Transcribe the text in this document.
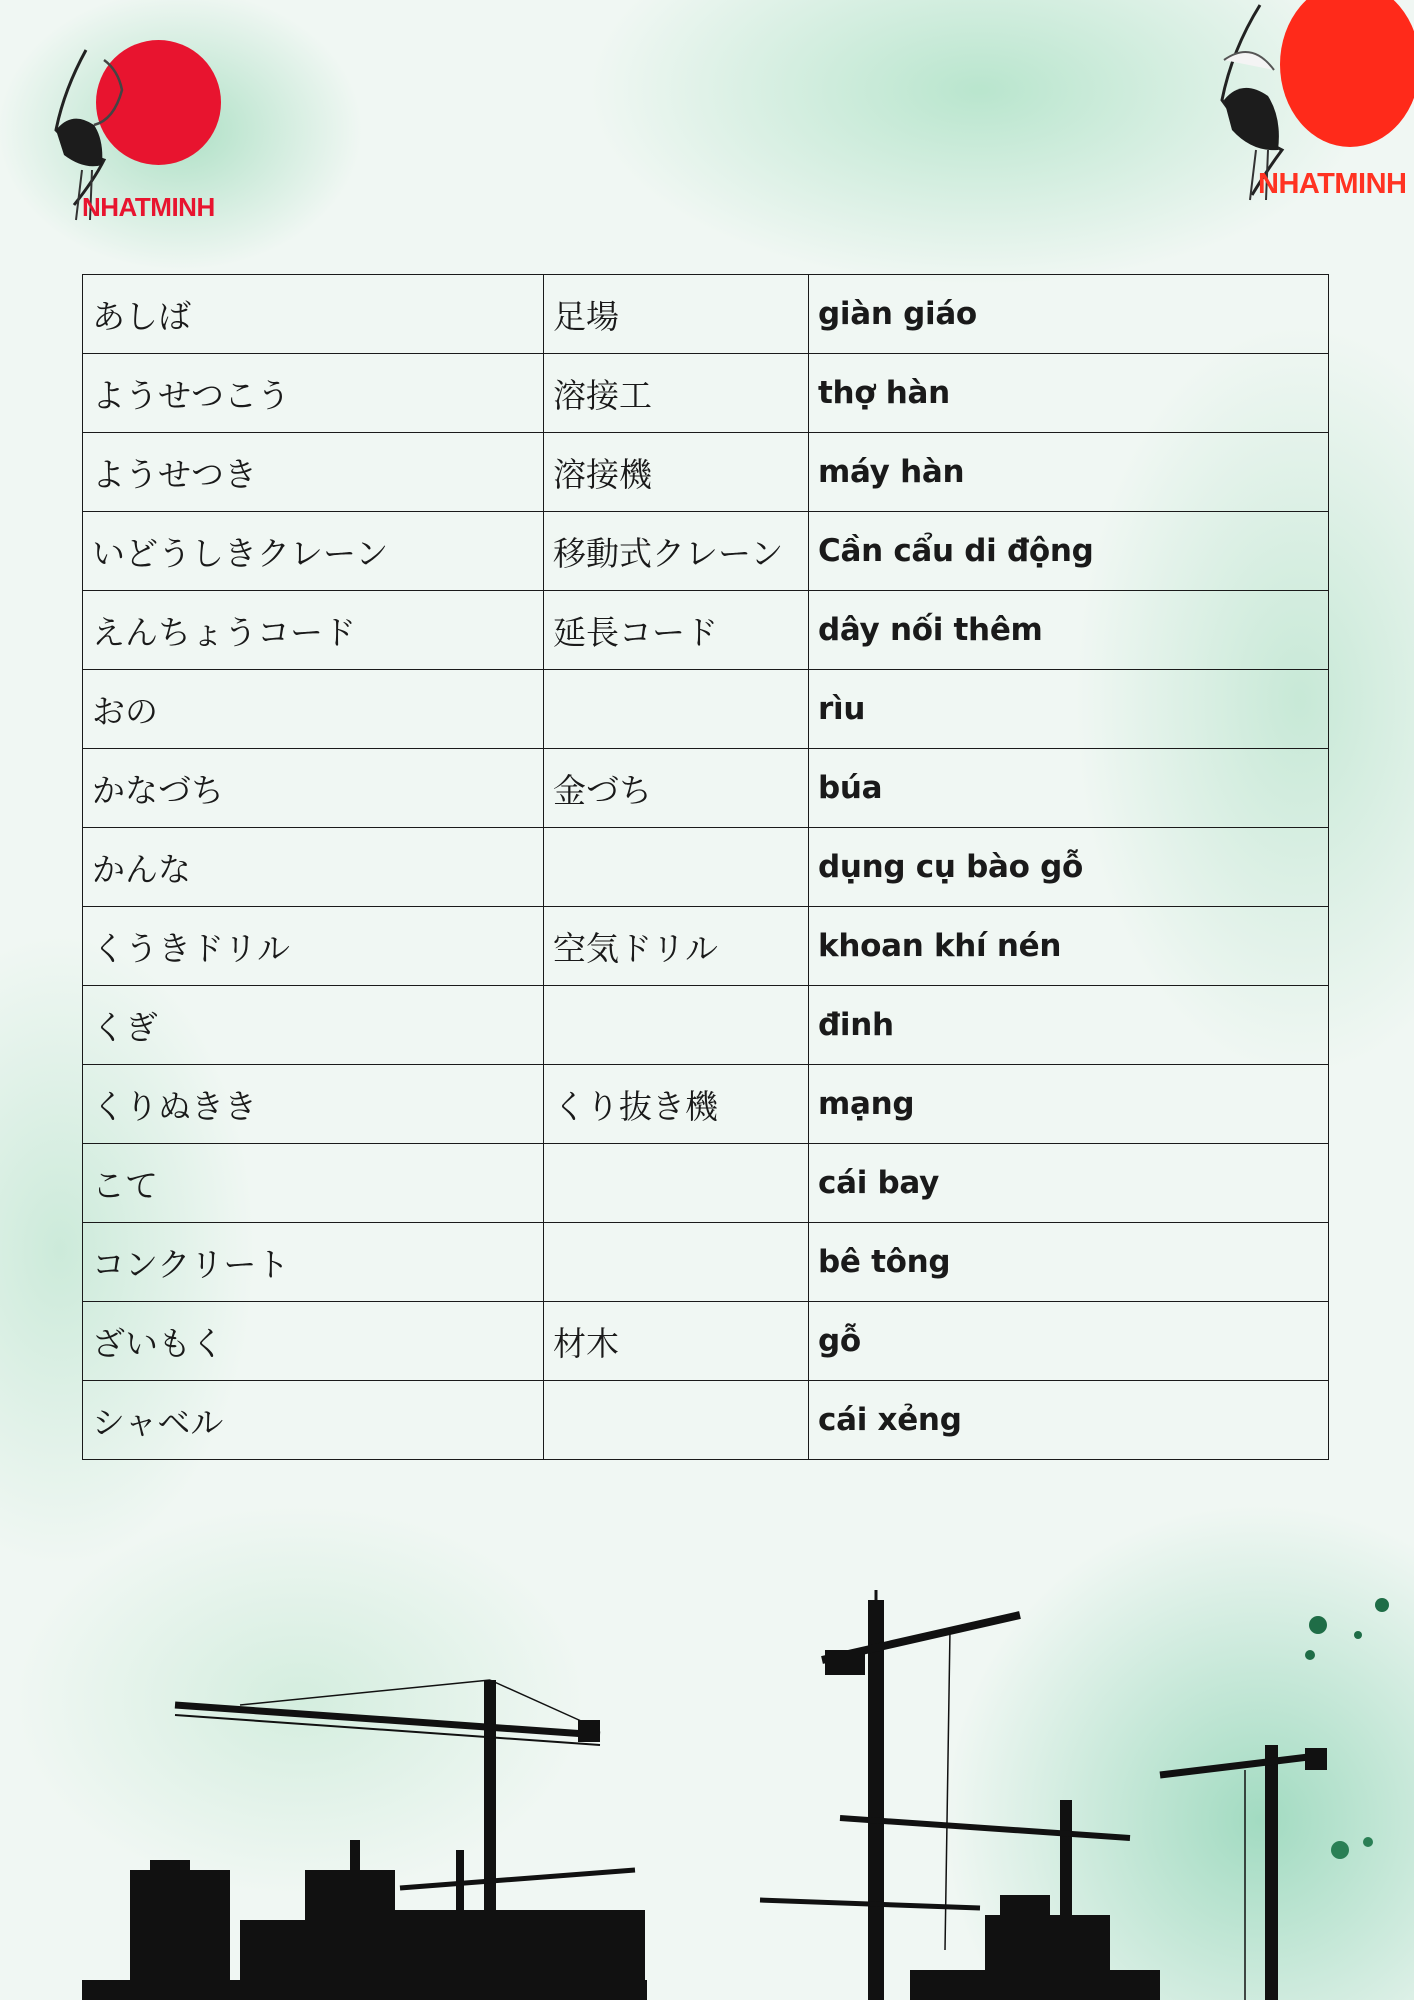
NHATMINH
NHATMINH
あしば	足場	giàn giáo
ようせつこう	溶接工	thợ hàn
ようせつき	溶接機	máy hàn
いどうしきクレーン	移動式クレーン	Cần cẩu di động
えんちょうコード	延長コード	dây nối thêm
おの		rìu
かなづち	金づち	búa
かんな		dụng cụ bào gỗ
くうきドリル	空気ドリル	khoan khí nén
くぎ		đinh
くりぬきき	くり抜き機	mạng
こて		cái bay
コンクリート		bê tông
ざいもく	材木	gỗ
シャベル		cái xẻng
